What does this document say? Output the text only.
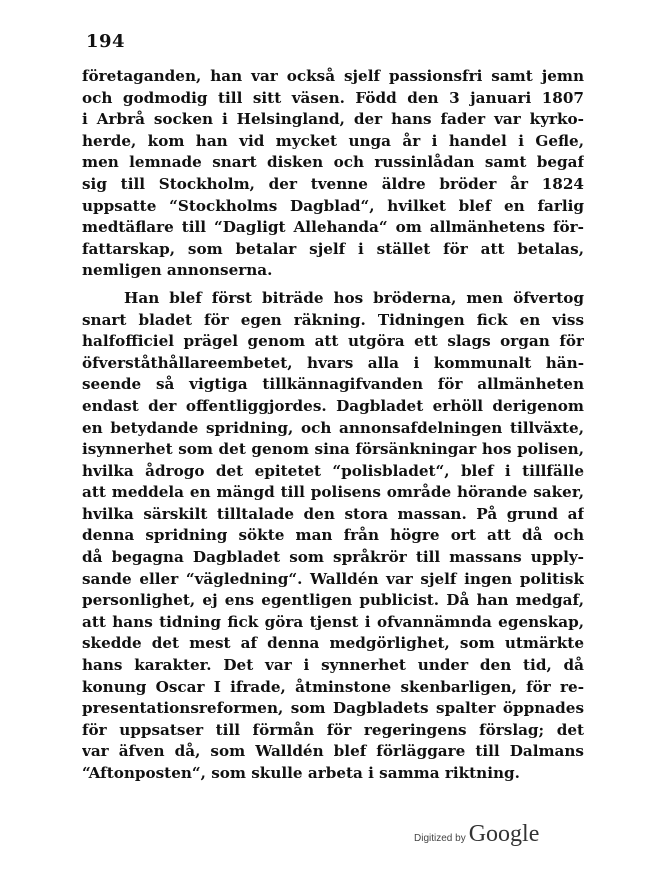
194
företaganden, han var också sjelf passionsfri samt jemn
och godmodig till sitt väsen. Född den 3 januari 1807
i Arbrå socken i Helsingland, der hans fader var kyrko-
herde, kom han vid mycket unga år i handel i Gefle,
men lemnade snart disken och russinlådan samt begaf
sig till Stockholm, der tvenne äldre bröder år 1824
uppsatte “Stockholms Dagblad“, hvilket blef en farlig
medtäflare till “Dagligt Allehanda“ om allmänhetens för-
fattarskap, som betalar sjelf i stället för att betalas,
nemligen annonserna.
Han blef först biträde hos bröderna, men öfvertog
snart bladet för egen räkning. Tidningen fick en viss
halfofficiel prägel genom att utgöra ett slags organ för
öfverståthållareembetet, hvars alla i kommunalt hän-
seende så vigtiga tillkännagifvanden för allmänheten
endast der offentliggjordes. Dagbladet erhöll derigenom
en betydande spridning, och annonsafdelningen tillväxte,
isynnerhet som det genom sina försänkningar hos polisen,
hvilka ådrogo det epitetet “polisbladet“, blef i tillfälle
att meddela en mängd till polisens område hörande saker,
hvilka särskilt tilltalade den stora massan. På grund af
denna spridning sökte man från högre ort att då och
då begagna Dagbladet som språkrör till massans upply-
sande eller “vägledning“. Walldén var sjelf ingen politisk
personlighet, ej ens egentligen publicist. Då han medgaf,
att hans tidning fick göra tjenst i ofvannämnda egenskap,
skedde det mest af denna medgörlighet, som utmärkte
hans karakter. Det var i synnerhet under den tid, då
konung Oscar I ifrade, åtminstone skenbarligen, för re-
presentationsreformen, som Dagbladets spalter öppnades
för uppsatser till förmån för regeringens förslag; det
var äfven då, som Walldén blef förläggare till Dalmans
“Aftonposten“, som skulle arbeta i samma riktning.
Digitized by Google
